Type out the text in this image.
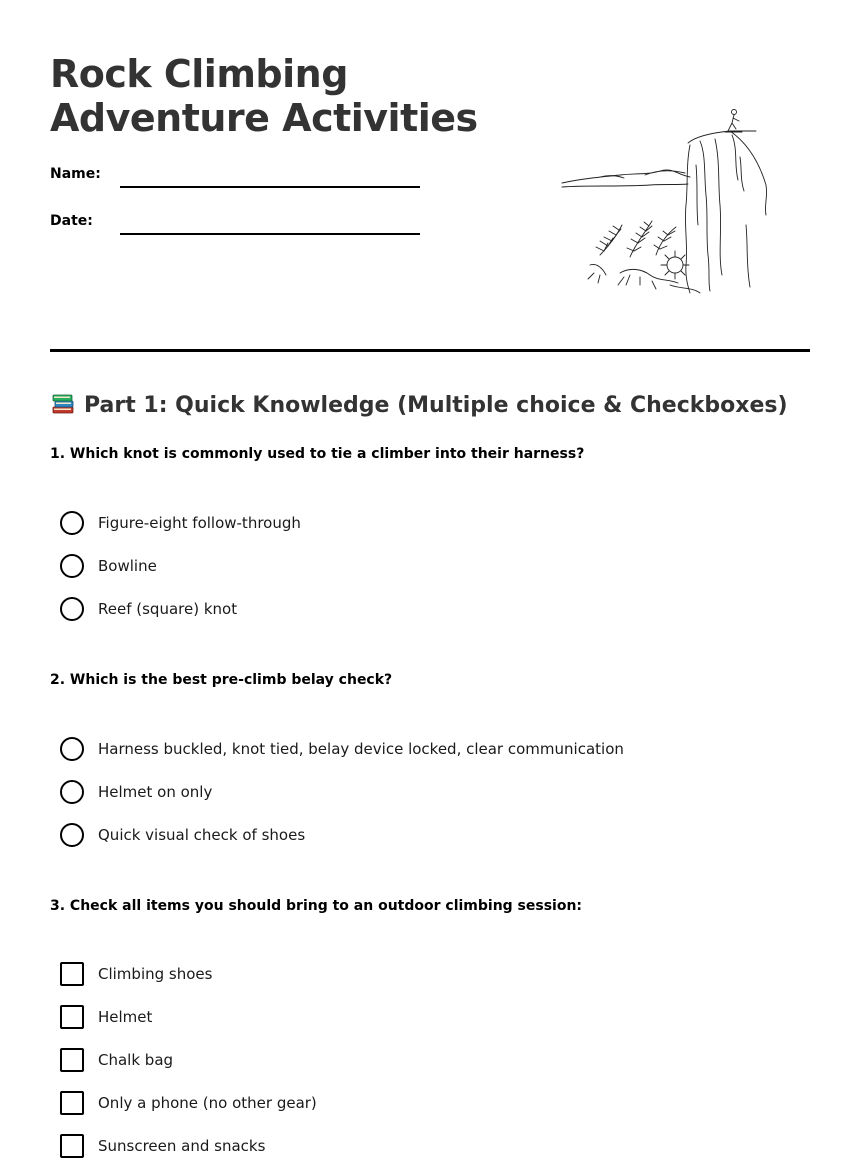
Rock Climbing
Adventure Activities
Name:
Date:
Part 1: Quick Knowledge (Multiple choice & Checkboxes)

1. Which knot is commonly used to tie a climber into their harness?

Figure-eight follow-through
Bowline
Reef (square) knot

2. Which is the best pre-climb belay check?

Harness buckled, knot tied, belay device locked, clear communication
Helmet on only
Quick visual check of shoes

3. Check all items you should bring to an outdoor climbing session:

Climbing shoes
Helmet
Chalk bag
Only a phone (no other gear)
Sunscreen and snacks
